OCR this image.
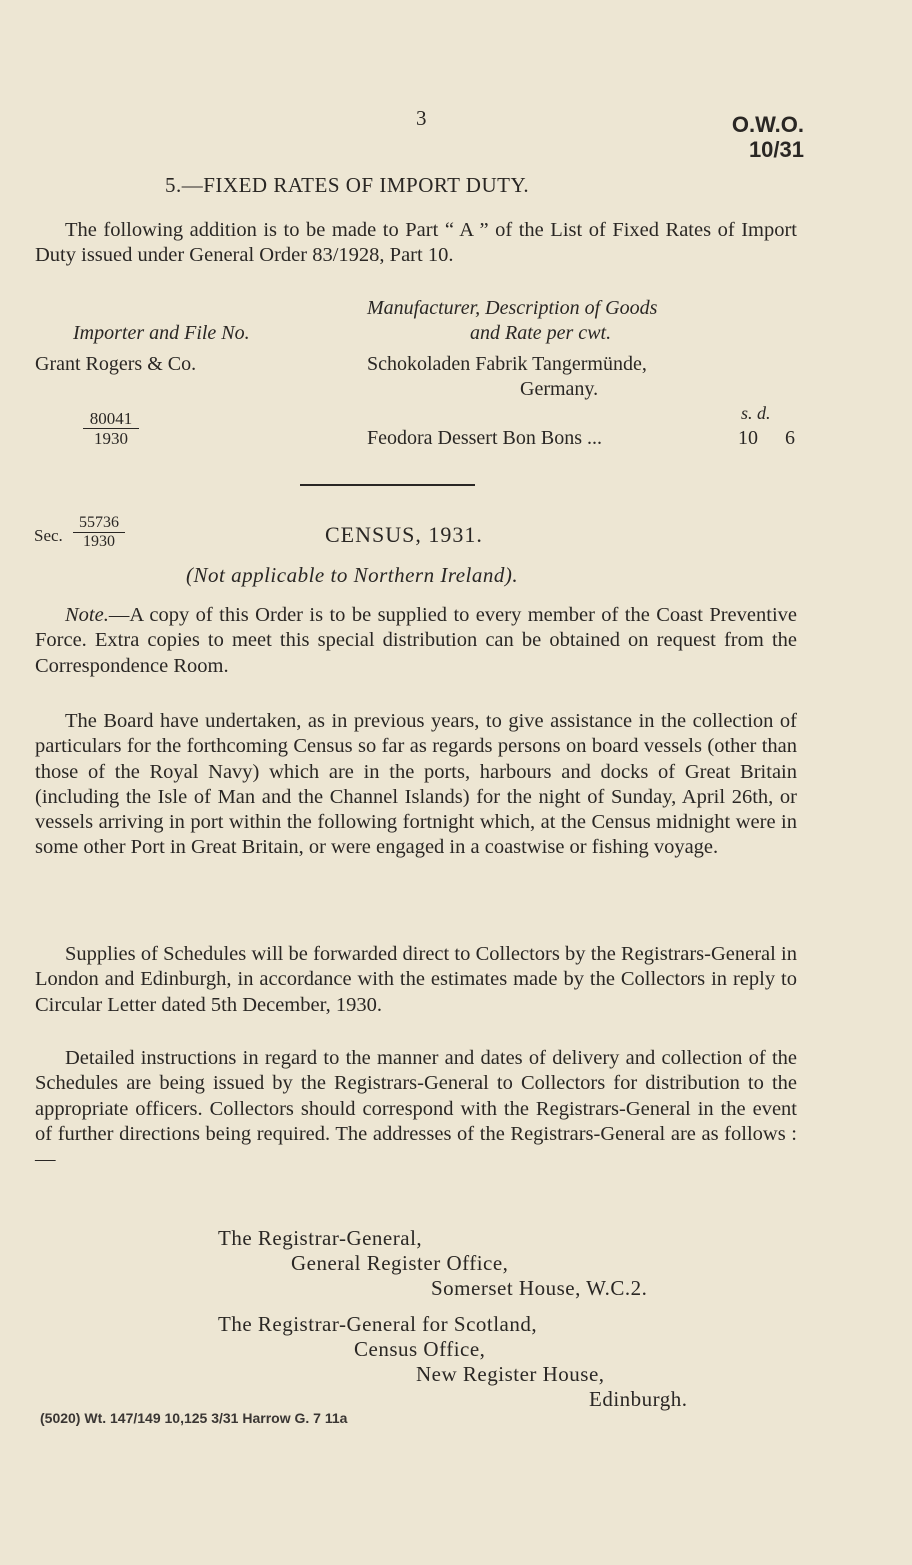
3	O.W.O.
10/31
5.—FIXED RATES OF IMPORT DUTY.
The following addition is to be made to Part “ A ” of the List of Fixed Rates of Import Duty issued under General Order 83/1928, Part 10.
Manufacturer, Description of Goods
Importer and File No.	and Rate per cwt.
Grant Rogers & Co.	Schokoladen Fabrik Tangermünde,
Germany.
s. d.
$\frac{80041}{1930}$	Feodora Dessert Bon Bons ...	10 6
Sec. $\frac{55736}{1930}$	CENSUS, 1931.
(Not applicable to Northern Ireland).
Note.—A copy of this Order is to be supplied to every member of the Coast Preventive Force. Extra copies to meet this special distribution can be obtained on request from the Correspondence Room.
The Board have undertaken, as in previous years, to give assistance in the collection of particulars for the forthcoming Census so far as regards persons on board vessels (other than those of the Royal Navy) which are in the ports, harbours and docks of Great Britain (including the Isle of Man and the Channel Islands) for the night of Sunday, April 26th, or vessels arriving in port within the following fortnight which, at the Census midnight were in some other Port in Great Britain, or were engaged in a coastwise or fishing voyage.
Supplies of Schedules will be forwarded direct to Collectors by the Registrars-General in London and Edinburgh, in accordance with the estimates made by the Collectors in reply to Circular Letter dated 5th December, 1930.
Detailed instructions in regard to the manner and dates of delivery and collection of the Schedules are being issued by the Registrars-General to Collectors for distribution to the appropriate officers. Collectors should correspond with the Registrars-General in the event of further directions being required. The addresses of the Registrars-General are as follows :—
The Registrar-General,
General Register Office,
Somerset House, W.C.2.
The Registrar-General for Scotland,
Census Office,
New Register House,
Edinburgh.
(5020) Wt. 147/149 10,125 3/31 Harrow G. 7 11a
